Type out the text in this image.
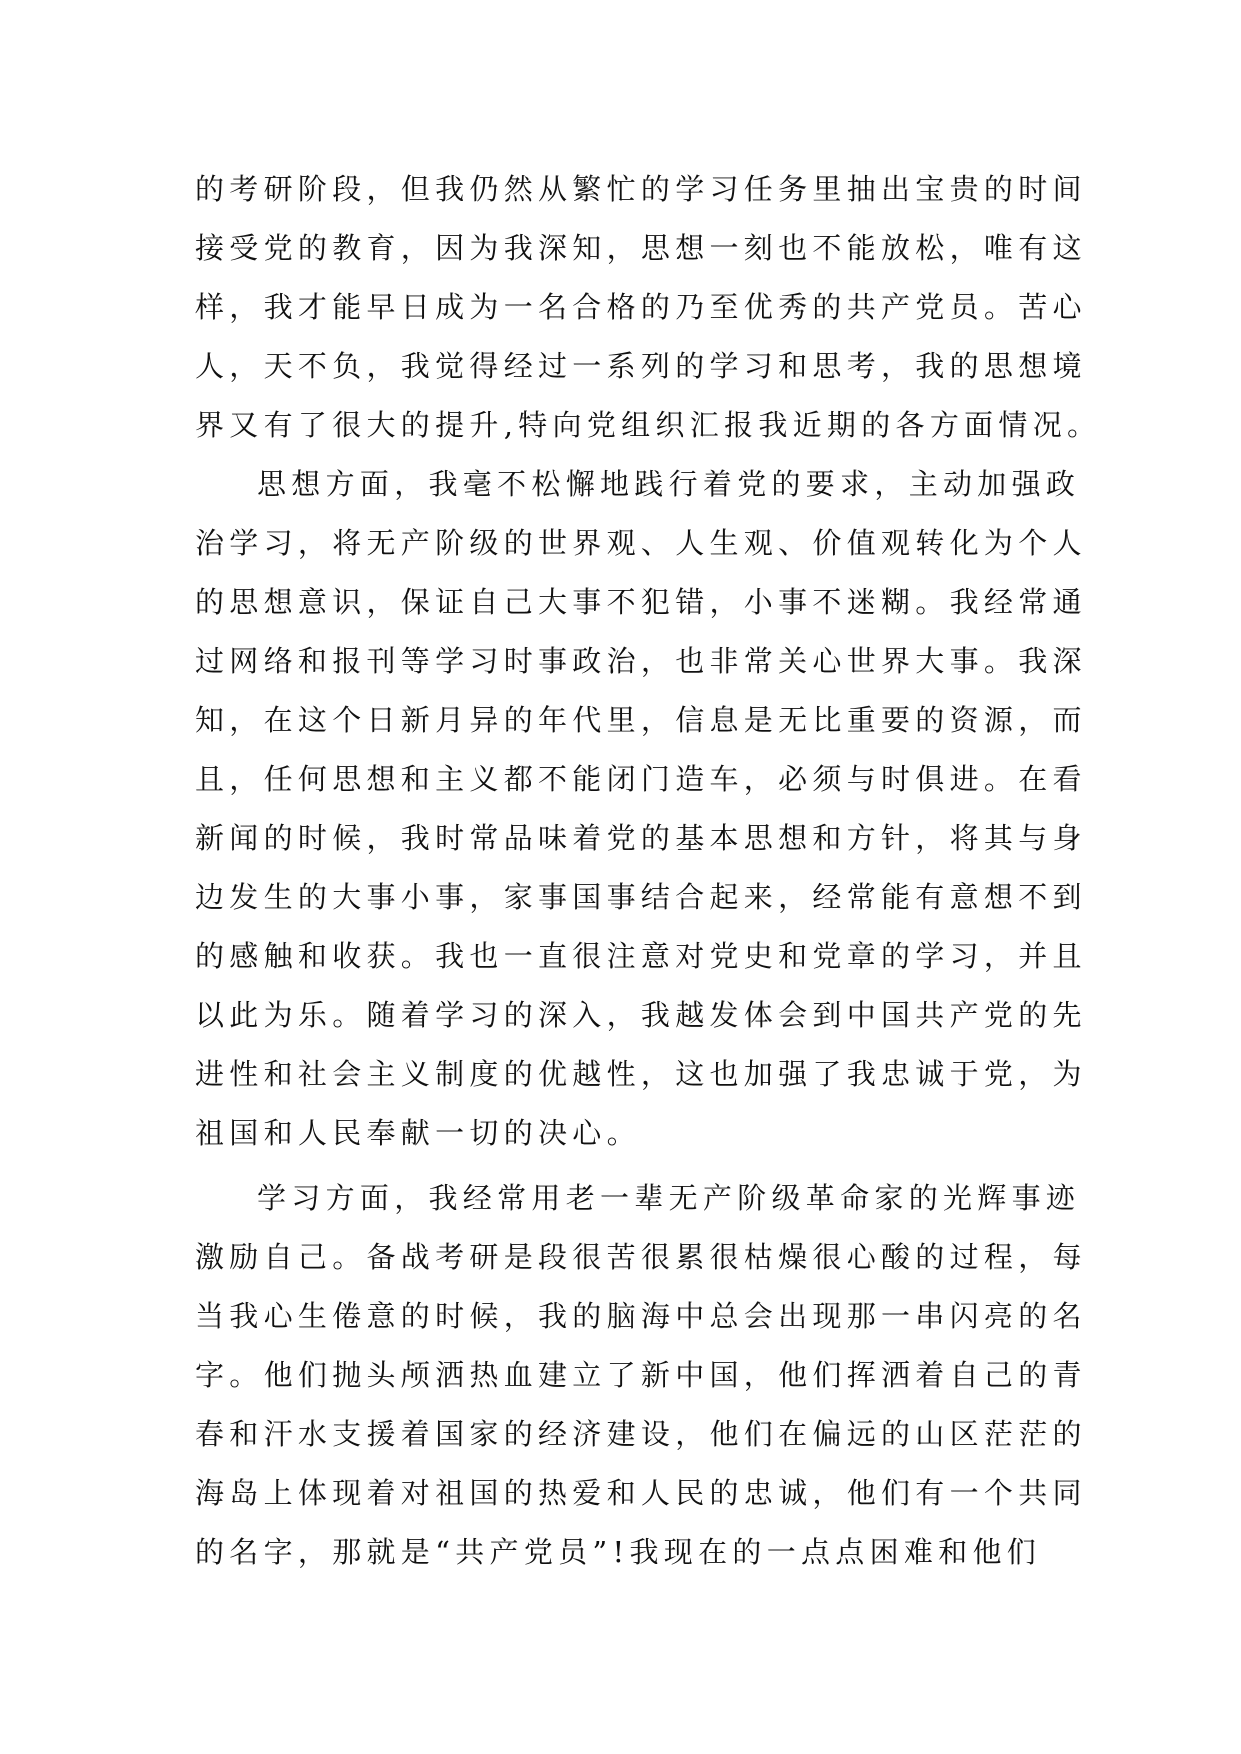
的考研阶段，但我仍然从繁忙的学习任务里抽出宝贵的时间
接受党的教育，因为我深知，思想一刻也不能放松，唯有这
样，我才能早日成为一名合格的乃至优秀的共产党员。苦心
人，天不负，我觉得经过一系列的学习和思考，我的思想境
界又有了很大的提升,特向党组织汇报我近期的各方面情况。
思想方面，我毫不松懈地践行着党的要求，主动加强政
治学习，将无产阶级的世界观、人生观、价值观转化为个人
的思想意识，保证自己大事不犯错，小事不迷糊。我经常通
过网络和报刊等学习时事政治，也非常关心世界大事。我深
知，在这个日新月异的年代里，信息是无比重要的资源，而
且，任何思想和主义都不能闭门造车，必须与时俱进。在看
新闻的时候，我时常品味着党的基本思想和方针，将其与身
边发生的大事小事，家事国事结合起来，经常能有意想不到
的感触和收获。我也一直很注意对党史和党章的学习，并且
以此为乐。随着学习的深入，我越发体会到中国共产党的先
进性和社会主义制度的优越性，这也加强了我忠诚于党，为
祖国和人民奉献一切的决心。
学习方面，我经常用老一辈无产阶级革命家的光辉事迹
激励自己。备战考研是段很苦很累很枯燥很心酸的过程，每
当我心生倦意的时候，我的脑海中总会出现那一串闪亮的名
字。他们抛头颅洒热血建立了新中国，他们挥洒着自己的青
春和汗水支援着国家的经济建设，他们在偏远的山区茫茫的
海岛上体现着对祖国的热爱和人民的忠诚，他们有一个共同
的名字，那就是“共产党员”!我现在的一点点困难和他们
